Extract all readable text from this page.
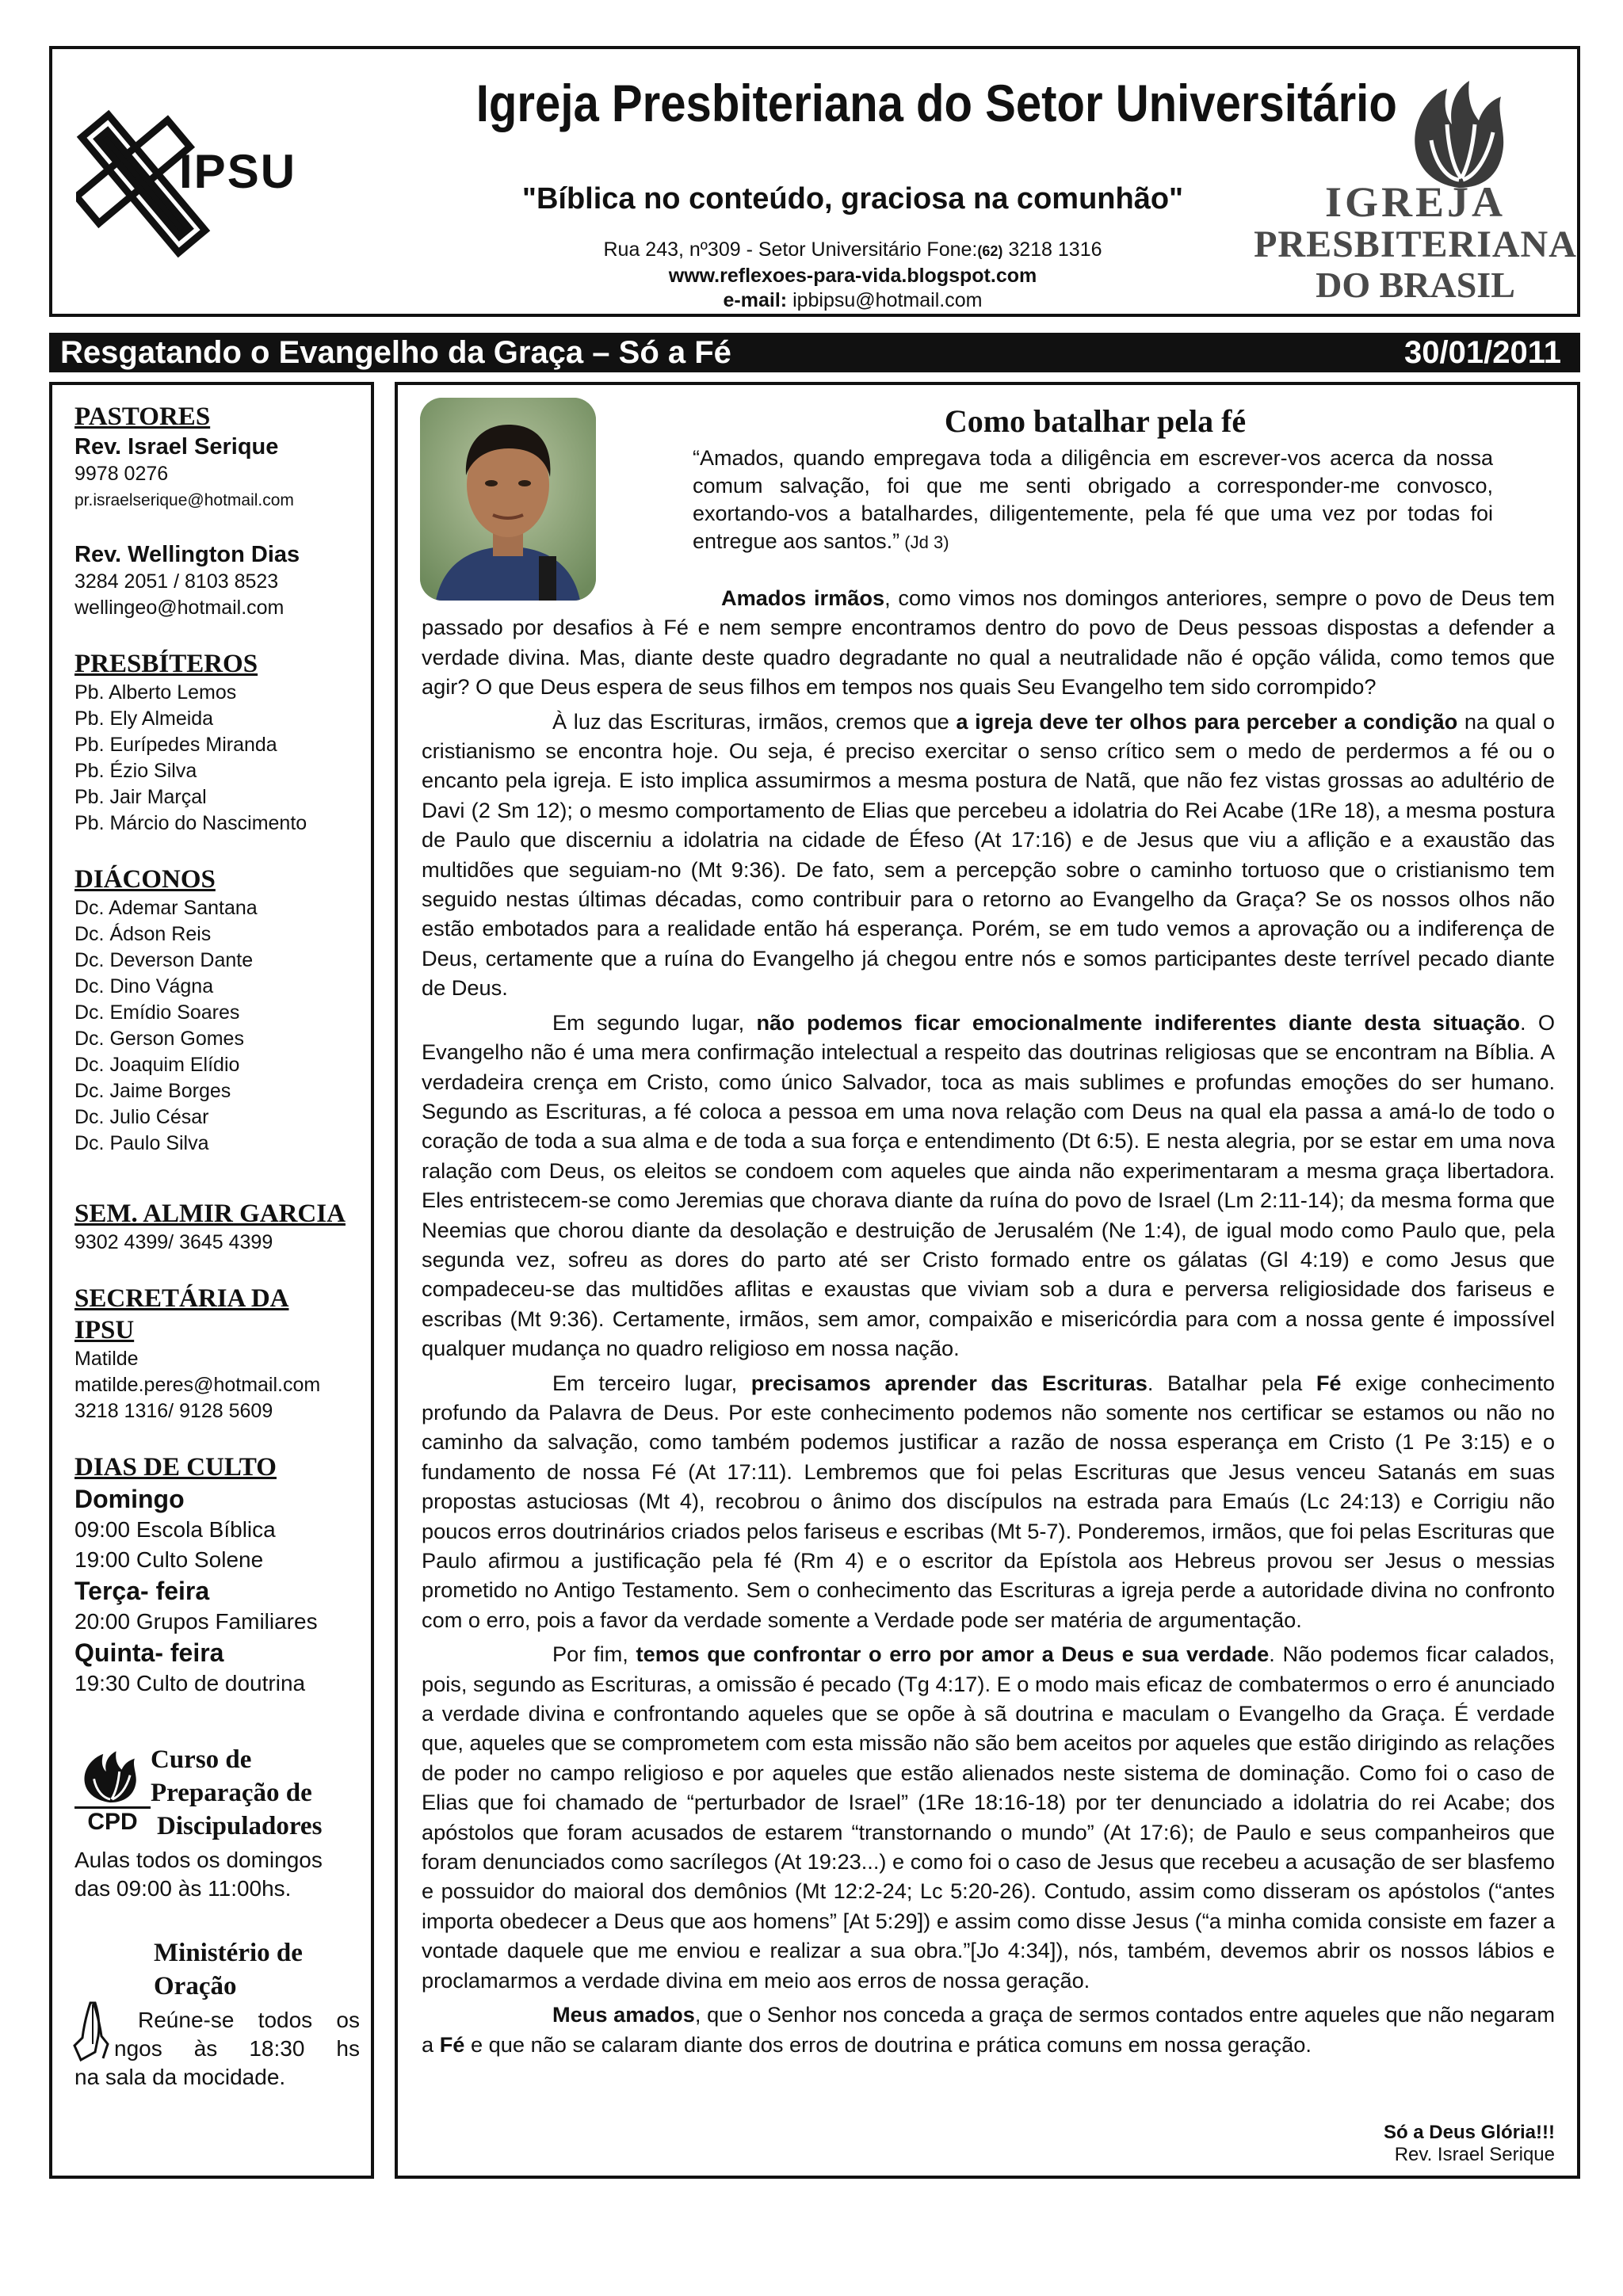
IPSU
Igreja Presbiteriana do Setor Universitário
"Bíblica no conteúdo, graciosa na comunhão"
Rua 243, nº309 - Setor Universitário Fone:(62) 3218 1316
www.reflexoes-para-vida.blogspot.com
e-mail: ipbipsu@hotmail.com
IGREJA
PRESBITERIANA
DO BRASIL
Resgatando o Evangelho da Graça – Só a Fé	30/01/2011
PASTORES
Rev. Israel Serique
9978 0276
pr.israelserique@hotmail.com
Rev. Wellington Dias
3284 2051 / 8103 8523
wellingeo@hotmail.com
PRESBÍTEROS
Pb. Alberto Lemos
Pb. Ely Almeida
Pb. Eurípedes Miranda
Pb. Ézio Silva
Pb. Jair Marçal
Pb. Márcio do Nascimento
DIÁCONOS
Dc. Ademar Santana
Dc. Ádson Reis
Dc. Deverson Dante
Dc. Dino Vágna
Dc. Emídio Soares
Dc. Gerson Gomes
Dc. Joaquim Elídio
Dc. Jaime Borges
Dc. Julio César
Dc. Paulo Silva
SEM. ALMIR GARCIA
9302 4399/ 3645 4399
SECRETÁRIA DA IPSU
Matilde
matilde.peres@hotmail.com
3218 1316/ 9128 5609
DIAS DE CULTO
Domingo
09:00 Escola Bíblica
19:00 Culto Solene
Terça- feira
20:00 Grupos Familiares
Quinta- feira
19:30 Culto de doutrina
CPD
Curso de
Preparação de
Discipuladores
Aulas todos os domingos das 09:00 às 11:00hs.
Ministério de
Oração
Reúne-se todos os
ngos às 18:30 hs
na sala da mocidade.
Como batalhar pela fé
“Amados, quando empregava toda a diligência em escrever-vos acerca da nossa comum salvação, foi que me senti obrigado a corresponder-me convosco, exortando-vos a batalhardes, diligentemente, pela fé que uma vez por todas foi entregue aos santos.” (Jd 3)

Amados irmãos, como vimos nos domingos anteriores, sempre o povo de Deus tem passado por desafios à Fé e nem sempre encontramos dentro do povo de Deus pessoas dispostas a defender a verdade divina. Mas, diante deste quadro degradante no qual a neutralidade não é opção válida, como temos que agir? O que Deus espera de seus filhos em tempos nos quais Seu Evangelho tem sido corrompido?

À luz das Escrituras, irmãos, cremos que a igreja deve ter olhos para perceber a condição na qual o cristianismo se encontra hoje. Ou seja, é preciso exercitar o senso crítico sem o medo de perdermos a fé ou o encanto pela igreja. E isto implica assumirmos a mesma postura de Natã, que não fez vistas grossas ao adultério de Davi (2 Sm 12); o mesmo comportamento de Elias que percebeu a idolatria do Rei Acabe (1Re 18), a mesma postura de Paulo que discerniu a idolatria na cidade de Éfeso (At 17:16) e de Jesus que viu a aflição e a exaustão das multidões que seguiam-no (Mt 9:36). De fato, sem a percepção sobre o caminho tortuoso que o cristianismo tem seguido nestas últimas décadas, como contribuir para o retorno ao Evangelho da Graça? Se os nossos olhos não estão embotados para a realidade então há esperança. Porém, se em tudo vemos a aprovação ou a indiferença de Deus, certamente que a ruína do Evangelho já chegou entre nós e somos participantes deste terrível pecado diante de Deus.

Em segundo lugar, não podemos ficar emocionalmente indiferentes diante desta situação. O Evangelho não é uma mera confirmação intelectual a respeito das doutrinas religiosas que se encontram na Bíblia. A verdadeira crença em Cristo, como único Salvador, toca as mais sublimes e profundas emoções do ser humano. Segundo as Escrituras, a fé coloca a pessoa em uma nova relação com Deus na qual ela passa a amá-lo de todo o coração de toda a sua alma e de toda a sua força e entendimento (Dt 6:5). E nesta alegria, por se estar em uma nova ralação com Deus, os eleitos se condoem com aqueles que ainda não experimentaram a mesma graça libertadora. Eles entristecem-se como Jeremias que chorava diante da ruína do povo de Israel (Lm 2:11-14); da mesma forma que Neemias que chorou diante da desolação e destruição de Jerusalém (Ne 1:4), de igual modo como Paulo que, pela segunda vez, sofreu as dores do parto até ser Cristo formado entre os gálatas (Gl 4:19) e como Jesus que compadeceu-se das multidões aflitas e exaustas que viviam sob a dura e perversa religiosidade dos fariseus e escribas (Mt 9:36). Certamente, irmãos, sem amor, compaixão e misericórdia para com a nossa gente é impossível qualquer mudança no quadro religioso em nossa nação.

Em terceiro lugar, precisamos aprender das Escrituras. Batalhar pela Fé exige conhecimento profundo da Palavra de Deus. Por este conhecimento podemos não somente nos certificar se estamos ou não no caminho da salvação, como também podemos justificar a razão de nossa esperança em Cristo (1 Pe 3:15) e o fundamento de nossa Fé (At 17:11). Lembremos que foi pelas Escrituras que Jesus venceu Satanás em suas propostas astuciosas (Mt 4), recobrou o ânimo dos discípulos na estrada para Emaús (Lc 24:13) e Corrigiu não poucos erros doutrinários criados pelos fariseus e escribas (Mt 5-7). Ponderemos, irmãos, que foi pelas Escrituras que Paulo afirmou a justificação pela fé (Rm 4) e o escritor da Epístola aos Hebreus provou ser Jesus o messias prometido no Antigo Testamento. Sem o conhecimento das Escrituras a igreja perde a autoridade divina no confronto com o erro, pois a favor da verdade somente a Verdade pode ser matéria de argumentação.

Por fim, temos que confrontar o erro por amor a Deus e sua verdade. Não podemos ficar calados, pois, segundo as Escrituras, a omissão é pecado (Tg 4:17). E o modo mais eficaz de combatermos o erro é anunciado a verdade divina e confrontando aqueles que se opõe à sã doutrina e maculam o Evangelho da Graça. É verdade que, aqueles que se comprometem com esta missão não são bem aceitos por aqueles que estão dirigindo as relações de poder no campo religioso e por aqueles que estão alienados neste sistema de dominação. Como foi o caso de Elias que foi chamado de “perturbador de Israel” (1Re 18:16-18) por ter denunciado a idolatria do rei Acabe; dos apóstolos que foram acusados de estarem “transtornando o mundo” (At 17:6); de Paulo e seus companheiros que foram denunciados como sacrílegos (At 19:23...) e como foi o caso de Jesus que recebeu a acusação de ser blasfemo e possuidor do maioral dos demônios (Mt 12:2-24; Lc 5:20-26). Contudo, assim como disseram os apóstolos (“antes importa obedecer a Deus que aos homens” [At 5:29]) e assim como disse Jesus (“a minha comida consiste em fazer a vontade daquele que me enviou e realizar a sua obra.”[Jo 4:34]), nós, também, devemos abrir os nossos lábios e proclamarmos a verdade divina em meio aos erros de nossa geração.

Meus amados, que o Senhor nos conceda a graça de sermos contados entre aqueles que não negaram a Fé e que não se calaram diante dos erros de doutrina e prática comuns em nossa geração.

Só a Deus Glória!!!
Rev. Israel Serique
